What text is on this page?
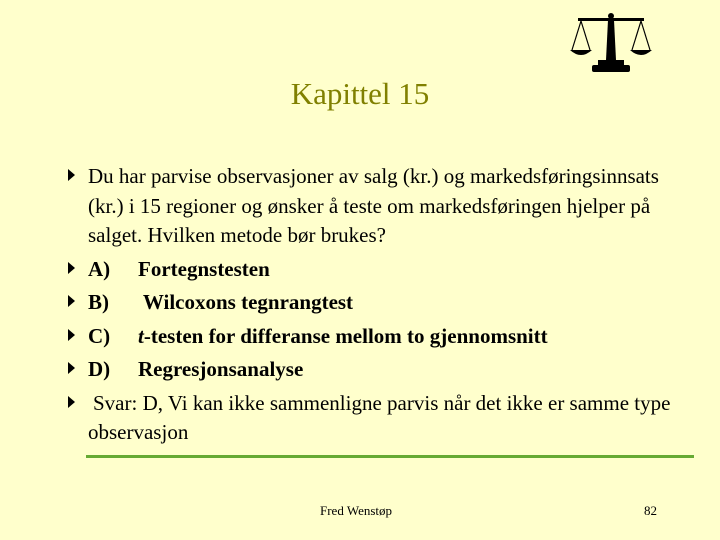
Kapittel 15
Du har parvise observasjoner av salg (kr.) og markedsføringsinnsats (kr.) i 15 regioner og ønsker å teste om markedsføringen hjelper på salget. Hvilken metode bør brukes?
A) Fortegnstesten
B) Wilcoxons tegnrangtest
C) t-testen for differanse mellom to gjennomsnitt
D) Regresjonsanalyse
Svar: D, Vi kan ikke sammenligne parvis når det ikke er samme type observasjon
Fred Wenstøp	82
